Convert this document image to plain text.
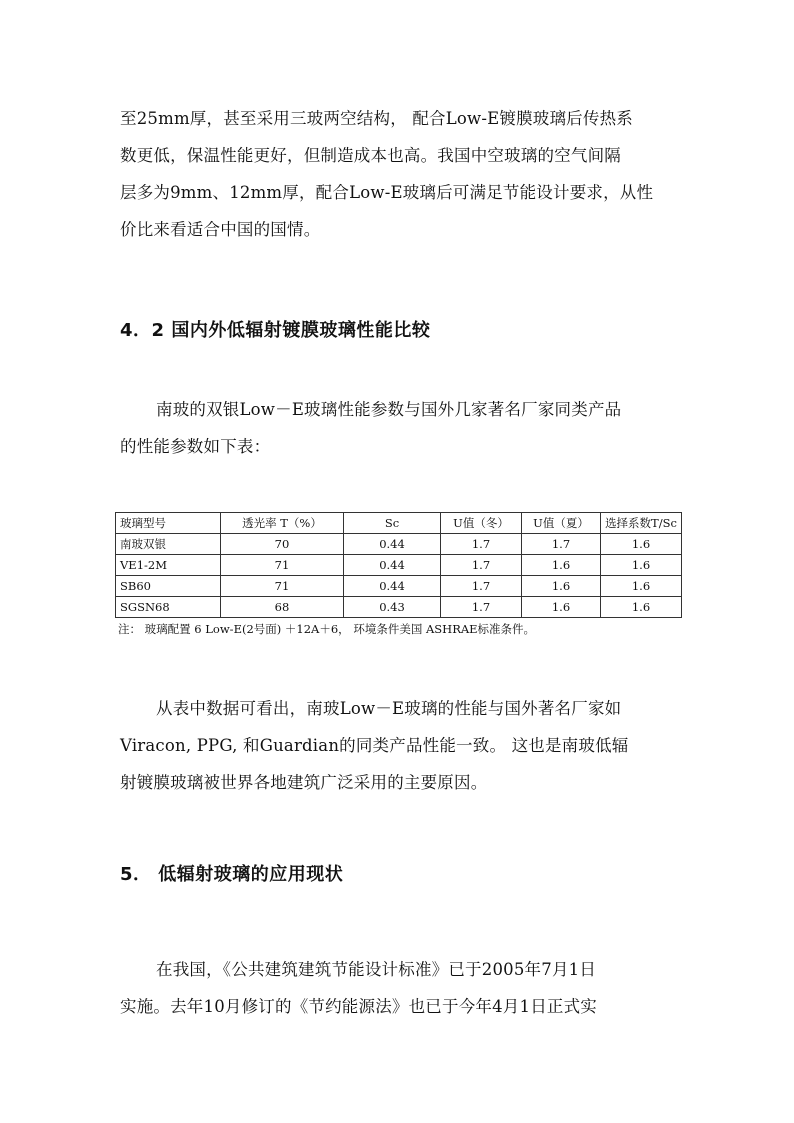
至25mm厚，甚至采用三玻两空结构， 配合Low-E镀膜玻璃后传热系
数更低，保温性能更好，但制造成本也高。我国中空玻璃的空气间隔
层多为9mm、12mm厚，配合Low-E玻璃后可满足节能设计要求，从性
价比来看适合中国的国情。
4．2 国内外低辐射镀膜玻璃性能比较
南玻的双银Low－E玻璃性能参数与国外几家著名厂家同类产品
的性能参数如下表：
玻璃型号	透光率 T（%）	Sc	U值（冬）	U值（夏）	选择系数T/Sc
南玻双银	70	0.44	1.7	1.7	1.6
VE1-2M	71	0.44	1.7	1.6	1.6
SB60	71	0.44	1.7	1.6	1.6
SGSN68	68	0.43	1.7	1.6	1.6
注： 玻璃配置 6 Low-E(2号面) ＋12A＋6， 环境条件美国 ASHRAE标准条件。
从表中数据可看出，南玻Low－E玻璃的性能与国外著名厂家如
Viracon, PPG, 和Guardian的同类产品性能一致。 这也是南玻低辐
射镀膜玻璃被世界各地建筑广泛采用的主要原因。
5． 低辐射玻璃的应用现状
在我国，《公共建筑建筑节能设计标准》已于2005年7月1日
实施。去年10月修订的《节约能源法》也已于今年4月1日正式实
